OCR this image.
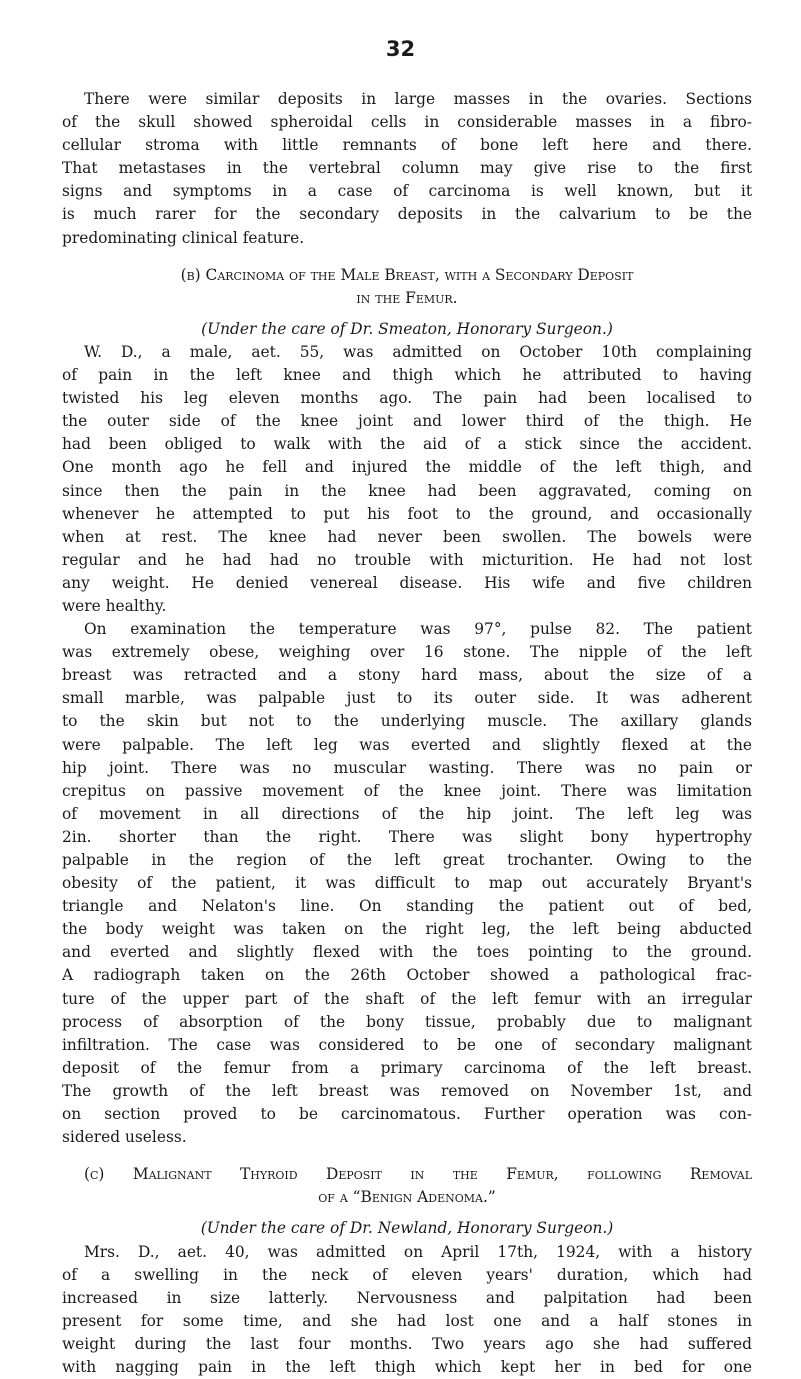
32
There were similar deposits in large masses in the ovaries. Sections
of the skull showed spheroidal cells in considerable masses in a fibro-
cellular stroma with little remnants of bone left here and there.
That metastases in the vertebral column may give rise to the first
signs and symptoms in a case of carcinoma is well known, but it
is much rarer for the secondary deposits in the calvarium to be the
predominating clinical feature.
(b) Carcinoma of the Male Breast, with a Secondary Deposit
in the Femur.
(Under the care of Dr. Smeaton, Honorary Surgeon.)
W. D., a male, aet. 55, was admitted on October 10th complaining
of pain in the left knee and thigh which he attributed to having
twisted his leg eleven months ago. The pain had been localised to
the outer side of the knee joint and lower third of the thigh. He
had been obliged to walk with the aid of a stick since the accident.
One month ago he fell and injured the middle of the left thigh, and
since then the pain in the knee had been aggravated, coming on
whenever he attempted to put his foot to the ground, and occasionally
when at rest. The knee had never been swollen. The bowels were
regular and he had had no trouble with micturition. He had not lost
any weight. He denied venereal disease. His wife and five children
were healthy.
On examination the temperature was 97°, pulse 82. The patient
was extremely obese, weighing over 16 stone. The nipple of the left
breast was retracted and a stony hard mass, about the size of a
small marble, was palpable just to its outer side. It was adherent
to the skin but not to the underlying muscle. The axillary glands
were palpable. The left leg was everted and slightly flexed at the
hip joint. There was no muscular wasting. There was no pain or
crepitus on passive movement of the knee joint. There was limitation
of movement in all directions of the hip joint. The left leg was
2in. shorter than the right. There was slight bony hypertrophy
palpable in the region of the left great trochanter. Owing to the
obesity of the patient, it was difficult to map out accurately Bryant's
triangle and Nelaton's line. On standing the patient out of bed,
the body weight was taken on the right leg, the left being abducted
and everted and slightly flexed with the toes pointing to the ground.
A radiograph taken on the 26th October showed a pathological frac-
ture of the upper part of the shaft of the left femur with an irregular
process of absorption of the bony tissue, probably due to malignant
infiltration. The case was considered to be one of secondary malignant
deposit of the femur from a primary carcinoma of the left breast.
The growth of the left breast was removed on November 1st, and
on section proved to be carcinomatous. Further operation was con-
sidered useless.
(c) Malignant Thyroid Deposit in the Femur, following Removal
of a “Benign Adenoma.”
(Under the care of Dr. Newland, Honorary Surgeon.)
Mrs. D., aet. 40, was admitted on April 17th, 1924, with a history
of a swelling in the neck of eleven years' duration, which had
increased in size latterly. Nervousness and palpitation had been
present for some time, and she had lost one and a half stones in
weight during the last four months. Two years ago she had suffered
with nagging pain in the left thigh which kept her in bed for one
